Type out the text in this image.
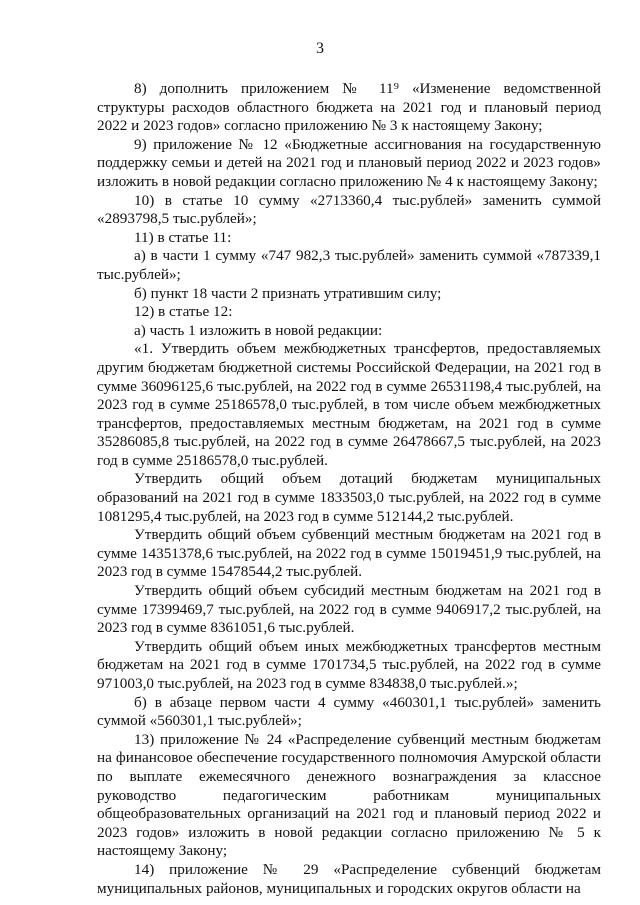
3

8) дополнить приложением № 11⁹ «Изменение ведомственной структуры расходов областного бюджета на 2021 год и плановый период 2022 и 2023 годов» согласно приложению № 3 к настоящему Закону;

9) приложение № 12 «Бюджетные ассигнования на государственную поддержку семьи и детей на 2021 год и плановый период 2022 и 2023 годов» изложить в новой редакции согласно приложению № 4 к настоящему Закону;

10) в статье 10 сумму «2713360,4 тыс.рублей» заменить суммой «2893798,5 тыс.рублей»;

11) в статье 11:

а) в части 1 сумму «747 982,3 тыс.рублей» заменить суммой «787339,1 тыс.рублей»;

б) пункт 18 части 2 признать утратившим силу;

12) в статье 12:

а) часть 1 изложить в новой редакции:

«1. Утвердить объем межбюджетных трансфертов, предоставляемых другим бюджетам бюджетной системы Российской Федерации, на 2021 год в сумме 36096125,6 тыс.рублей, на 2022 год в сумме 26531198,4 тыс.рублей, на 2023 год в сумме 25186578,0 тыс.рублей, в том числе объем межбюджетных трансфертов, предоставляемых местным бюджетам, на 2021 год в сумме 35286085,8 тыс.рублей, на 2022 год в сумме 26478667,5 тыс.рублей, на 2023 год в сумме 25186578,0 тыс.рублей.

Утвердить общий объем дотаций бюджетам муниципальных образований на 2021 год в сумме 1833503,0 тыс.рублей, на 2022 год в сумме 1081295,4 тыс.рублей, на 2023 год в сумме 512144,2 тыс.рублей.

Утвердить общий объем субвенций местным бюджетам на 2021 год в сумме 14351378,6 тыс.рублей, на 2022 год в сумме 15019451,9 тыс.рублей, на 2023 год в сумме 15478544,2 тыс.рублей.

Утвердить общий объем субсидий местным бюджетам на 2021 год в сумме 17399469,7 тыс.рублей, на 2022 год в сумме 9406917,2 тыс.рублей, на 2023 год в сумме 8361051,6 тыс.рублей.

Утвердить общий объем иных межбюджетных трансфертов местным бюджетам на 2021 год в сумме 1701734,5 тыс.рублей, на 2022 год в сумме 971003,0 тыс.рублей, на 2023 год в сумме 834838,0 тыс.рублей.»;

б) в абзаце первом части 4 сумму «460301,1 тыс.рублей» заменить суммой «560301,1 тыс.рублей»;

13) приложение № 24 «Распределение субвенций местным бюджетам на финансовое обеспечение государственного полномочия Амурской области по выплате ежемесячного денежного вознаграждения за классное руководство педагогическим работникам муниципальных общеобразовательных организаций на 2021 год и плановый период 2022 и 2023 годов» изложить в новой редакции согласно приложению № 5 к настоящему Закону;

14) приложение № 29 «Распределение субвенций бюджетам муниципальных районов, муниципальных и городских округов области на
